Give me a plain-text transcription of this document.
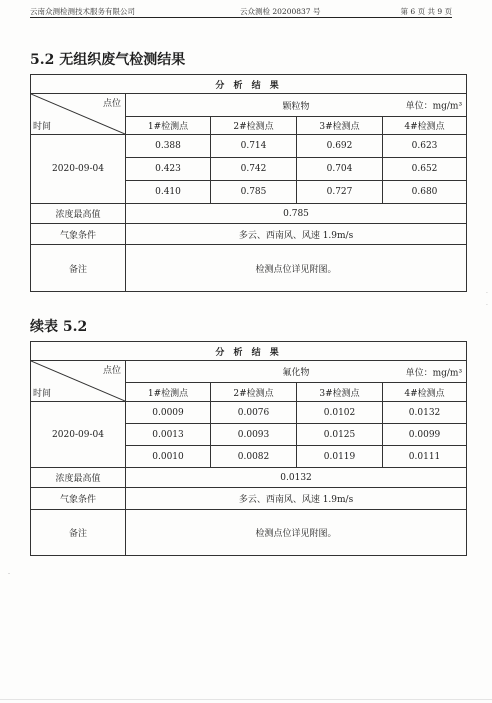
云南众测检测技术服务有限公司	云众测检 20200837 号	第 6 页 共 9 页
5.2 无组织废气检测结果
分 析 结 果				

点位
时间	颗粒物 单位：mg/m³			

	1#检测点	2#检测点	3#检测点	4#检测点
2020-09-04	0.388	0.714	0.692	0.623
	0.423	0.742	0.704	0.652
	0.410	0.785	0.727	0.680
浓度最高值	0.785			
气象条件	多云、西南风、风速 1.9m/s			
备注	检测点位详见附图。			
续表 5.2
分 析 结 果				

点位
时间	氟化物 单位：mg/m³			

	1#检测点	2#检测点	3#检测点	4#检测点
2020-09-04	0.0009	0.0076	0.0102	0.0132
	0.0013	0.0093	0.0125	0.0099
	0.0010	0.0082	0.0119	0.0111
浓度最高值	0.0132			
气象条件	多云、西南风、风速 1.9m/s			
备注	检测点位详见附图。			
·
·
-
